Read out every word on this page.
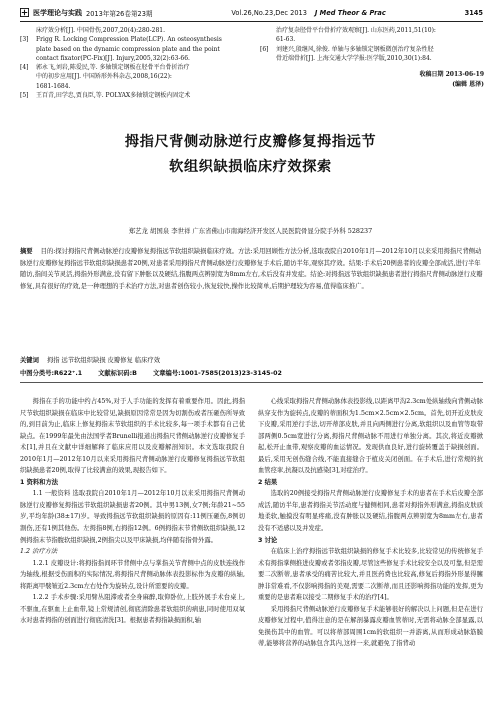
医学理论与实践 2013年第26卷第23期	Vol.26,No.23,Dec 2013 J Med Theor & Prac	3145
床疗效分析[J]. 中国骨伤,2007,20(4):280-281.
[3]	Frigg R. Locking Compression Plate(LCP). An osteosynthesis
plate based on the dynamic compression plate and the point
contact fixator(PC-Fix)[J]. Injury,2005,32(2):63-66.
[4]	郭永飞,刘岩,陈爱民,等. 多轴锁定钢板在胫骨平台骨折治疗
中的初步应用[J]. 中国矫形外科杂志,2008,16(22):
1681-1684.
[5]	王百青,田学忠,贾良臣,等. POLYAX多轴锁定钢板内固定术
治疗复杂胫骨平台骨折疗效观察[J]. 山东医药,2011,51(10):
61-63.
[6]	刘建兴,殷继风,徐俊. 单轴与多轴锁定钢板微创治疗复杂性胫
骨近端骨折[J]. 上海交通大学学报:医学版,2010,30(1):84.
收稿日期 2013-06-19
(编辑 恩泽)
拇指尺背侧动脉逆行皮瓣修复拇指远节
软组织缺损临床疗效探索
郑艺龙 胡国泉 李世祥 广东省佛山市南海经济开发区人民医院骨显分院手外科 528237
摘要 目的:探讨拇指尺背侧动脉逆行皮瓣修复拇指远节软组织缺损临床疗效。方法:采用回顾性方法分析,选取我院自2010年1月—2012年10月以来采用拇指尺背侧动脉逆行皮瓣修复拇指远节软组织缺损患者20例,对患者采用拇指尺背侧动脉逆行皮瓣修复手术后,随访半年,观察其疗效。结果:手术后20例患者的皮瓣全部成活,进行半年随访,指间关节灵活,拇指外形满意,没有留下肿胀以及硬结,指腹两点辨别宽为8mm左右,术后没有并发症。结论:对拇指远节软组织缺损患者进行拇指尺背侧动脉逆行皮瓣修复,具有很好的疗效,是一种理想的手术治疗方法,对患者创伤较小,恢复较快,操作比较简单,后期护理较为容易,值得临床推广。
关键词 拇指 远节软组织缺损 皮瓣修复 临床疗效
中图分类号:R622⁺.1	文献标识码:B	文章编号:1001-7585(2013)23-3145-02

拇指在手的功能中约占45%,对于人手功能的发挥有着重要作用。因此,拇指尺节软组织缺损在临床中比较常见,缺损原因常常是因为切割伤或者压砸伤所导致的,到目前为止,临床上修复拇指末节软组织的手术比较多,每一项手术都有自己优缺点。在1999年最先由法国学者Brunelli报道出拇指尺背侧动脉逆行皮瓣修复手术[1],并且在文献中详细解释了临床应用以及皮瓣解剖知识。本文选取我院自2010年1月—2012年10月以来采用拇指尺背侧动脉逆行皮瓣修复拇指远节软组织缺损患者20例,取得了比较满意的效果,现报告如下。

1 资料和方法

1.1 一般资料 选取我院自2010年1月—2012年10月以来采用拇指尺背侧动脉逆行皮瓣修复拇指远节软组织缺损患者20例。其中男13例,女7例;年龄21~55岁,平均年龄(38±17)岁。导致拇指远节软组织缺损的原因有:11例压砸伤,8例切割伤,还有1例其他伤。左拇指8例,右拇指12例。6例拇指末节背侧软组织缺损,12例拇指末节指腹软组织缺损,2例指尖以及甲床缺损,均伴随有指骨外露。

1.2 治疗方法

1.2.1 皮瓣设计:将拇指指间环节背侧中点与掌指关节背侧中点的皮肤连线作为轴线,根据受伤面积的实际情况,将拇指尺背侧动脉体表投影标作为皮瓣的纵轴,将距离甲襞皱近2.3cm左右处作为旋转点,设计所需要的皮瓣。

1.2.2 手术步骤:采用臂丛阻滞或者全身麻醉,取仰卧位,上肢外展手术台桌上,不驱血,在驱血上止血带,镜上常规清创,彻底清除患者软组织的病患,同时使用双氧水对患者拇指的创面进行彻底清洗[3]。根据患者拇指缺损面积,轴

心线采取拇指尺背侧动脉体表投影线,以距离甲沟2.3cm处纵轴线向背侧动脉纵穿支作为旋转点,皮瓣的蒂面积为1.5cm×2.5cm×2.5cm。首先,切开近皮肤皮下皮瓣,采用逆行手法,切开蒂部皮肤,并且向两侧进行分离,软组织以及血管等取带部两侧0.5cm宽进行分离,拇指尺背侧动脉不用进行单独分离。其次,将近皮瓣掀起,松开止血带,观察皮瓣的血运情况。发现供血良好,进行旋转覆盖于缺损创面。最后,采用无创伤缝合线,不能直接缝合于植皮关闭创面。在手术后,进行常规的抗血管痉挛,抗凝以及抗感染[3],对症治疗。

2 结果

选取的20例接受拇指尺背侧动脉逆行皮瓣修复手术的患者在手术后皮瓣全部成活,随访半年,患者拇指关节活动度与健侧相同,患者对拇指外形满意,拇指皮肤质地柔软,触摸没有明显疼痛,没有肿胀以及硬结,指腹两点辨别宽为8mm左右,患者没有不适感以及并发症。

3 讨论

在临床上治疗拇指远节软组织缺损的修复手术比较多,比较常见的传统修复手术有拇指掌侧推进皮瓣或者邻指皮瓣,尽管这些修复手术比较安全以及可靠,但是需要二次断蒂,患者承受的痛苦比较大,并且医药费也比较高,修复后拇指外形显得臃肿非常难看,不仅影响拇指的美观,需要二次断蒂,而且还影响拇指功能的发挥,更为重要的是患者难以接受二期修复手术的治疗[4]。

采用拇指尺背侧动脉逆行皮瓣修复手术能够很好的解决以上问题,但是在进行皮瓣修复过程中,值得注意的是在解剖暴露皮瓣血管蒂时,无需将动脉全部显露,以免损伤其中的血管。可以将蒂部周围1cm的软组织一并游离,从而形成动脉筋膜蒂,能够将营养的动脉包含其内,这样一来,就避免了指背动
